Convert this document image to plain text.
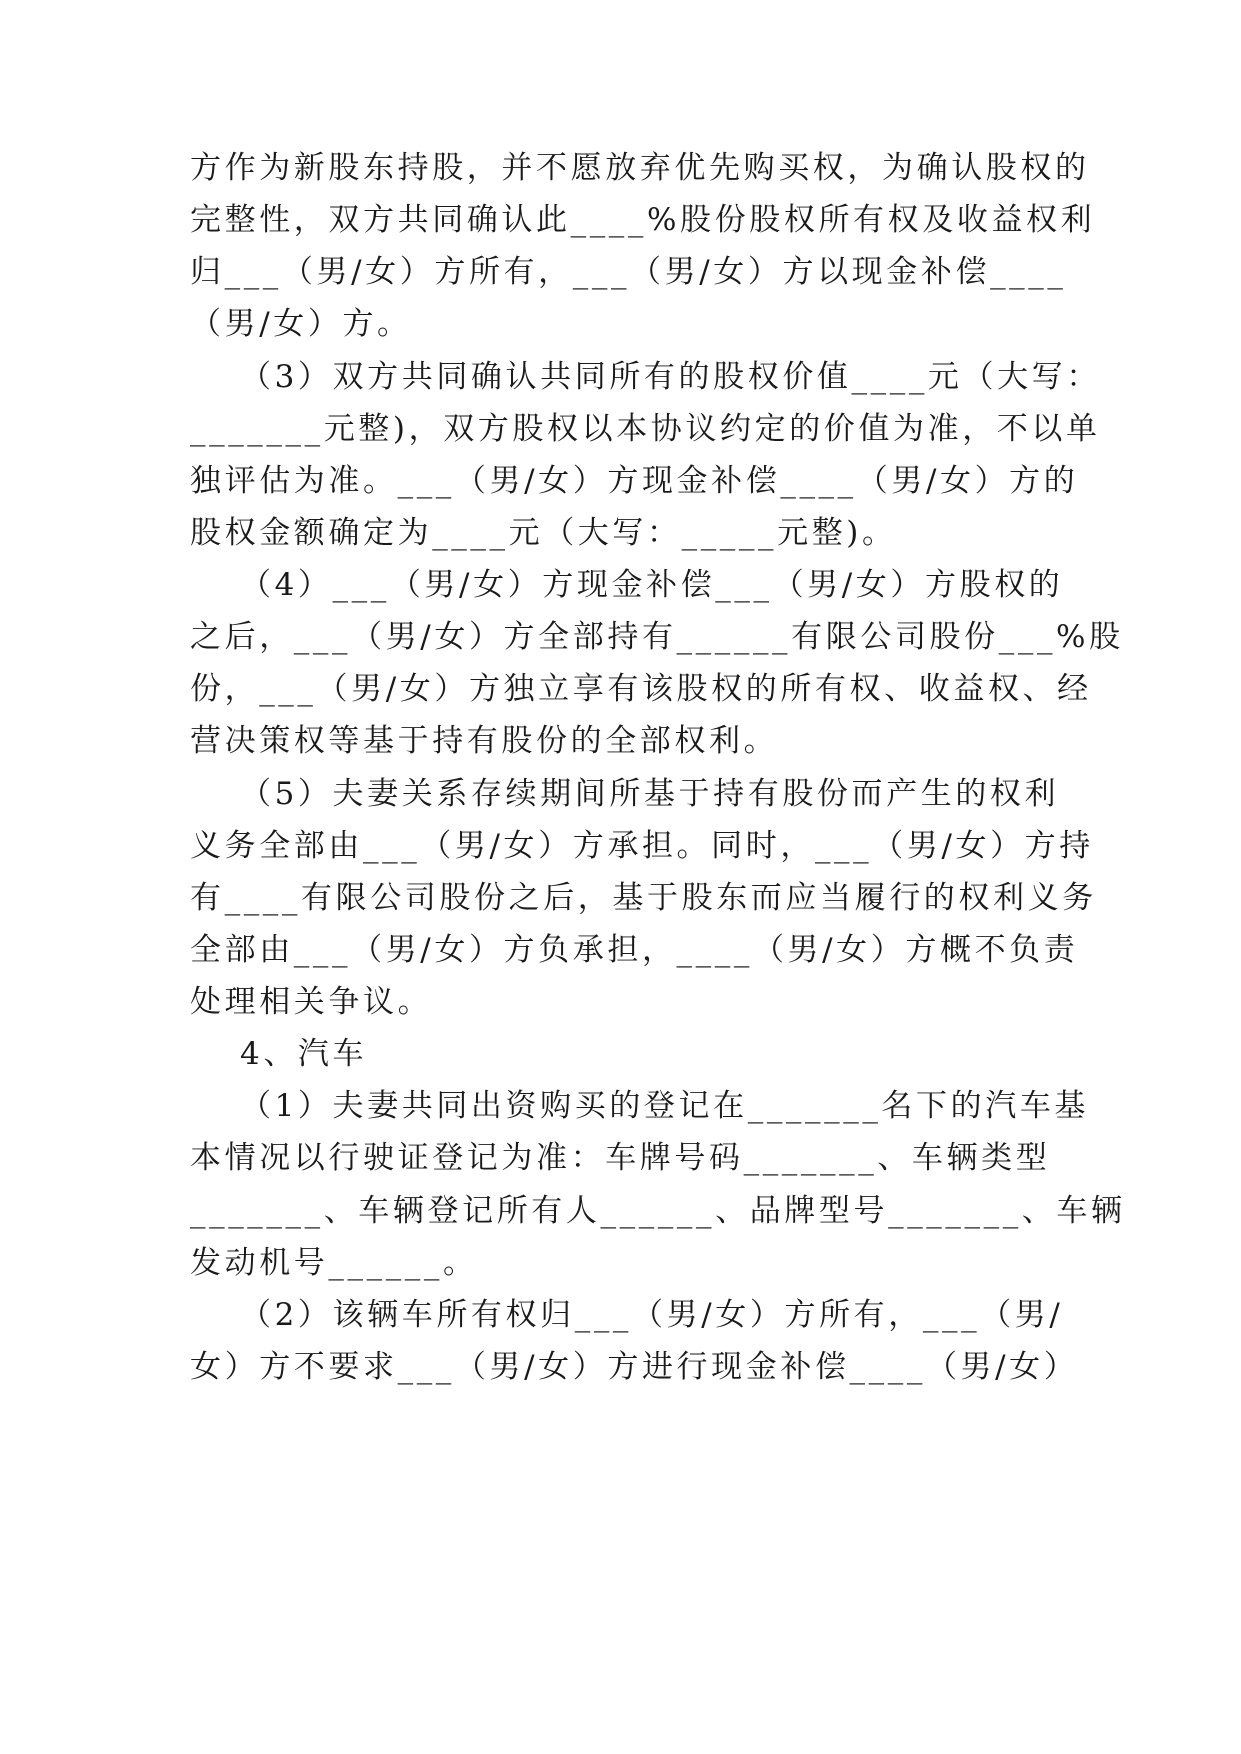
方作为新股东持股，并不愿放弃优先购买权，为确认股权的
完整性，双方共同确认此____%股份股权所有权及收益权利
归___（男/女）方所有，___（男/女）方以现金补偿____
（男/女）方。
（3）双方共同确认共同所有的股权价值____元（大写：
_______元整)，双方股权以本协议约定的价值为准，不以单
独评估为准。___（男/女）方现金补偿____（男/女）方的
股权金额确定为____元（大写：_____元整)。
（4）___（男/女）方现金补偿___（男/女）方股权的
之后，___（男/女）方全部持有______有限公司股份___%股
份，___（男/女）方独立享有该股权的所有权、收益权、经
营决策权等基于持有股份的全部权利。
（5）夫妻关系存续期间所基于持有股份而产生的权利
义务全部由___（男/女）方承担。同时，___（男/女）方持
有____有限公司股份之后，基于股东而应当履行的权利义务
全部由___（男/女）方负承担，____（男/女）方概不负责
处理相关争议。
4、汽车
（1）夫妻共同出资购买的登记在_______名下的汽车基
本情况以行驶证登记为准：车牌号码_______、车辆类型
_______、车辆登记所有人______、品牌型号_______、车辆
发动机号______。
（2）该辆车所有权归___（男/女）方所有，___（男/
女）方不要求___（男/女）方进行现金补偿____（男/女）
